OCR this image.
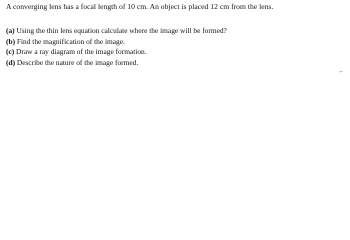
A converging lens has a focal length of 10 cm. An object is placed 12 cm from the lens.
(a) Using the thin lens equation calculate where the image will be formed?
(b) Find the magnification of the image.
(c) Draw a ray diagram of the image formation.
(d) Describe the nature of the image formed.
⌐
